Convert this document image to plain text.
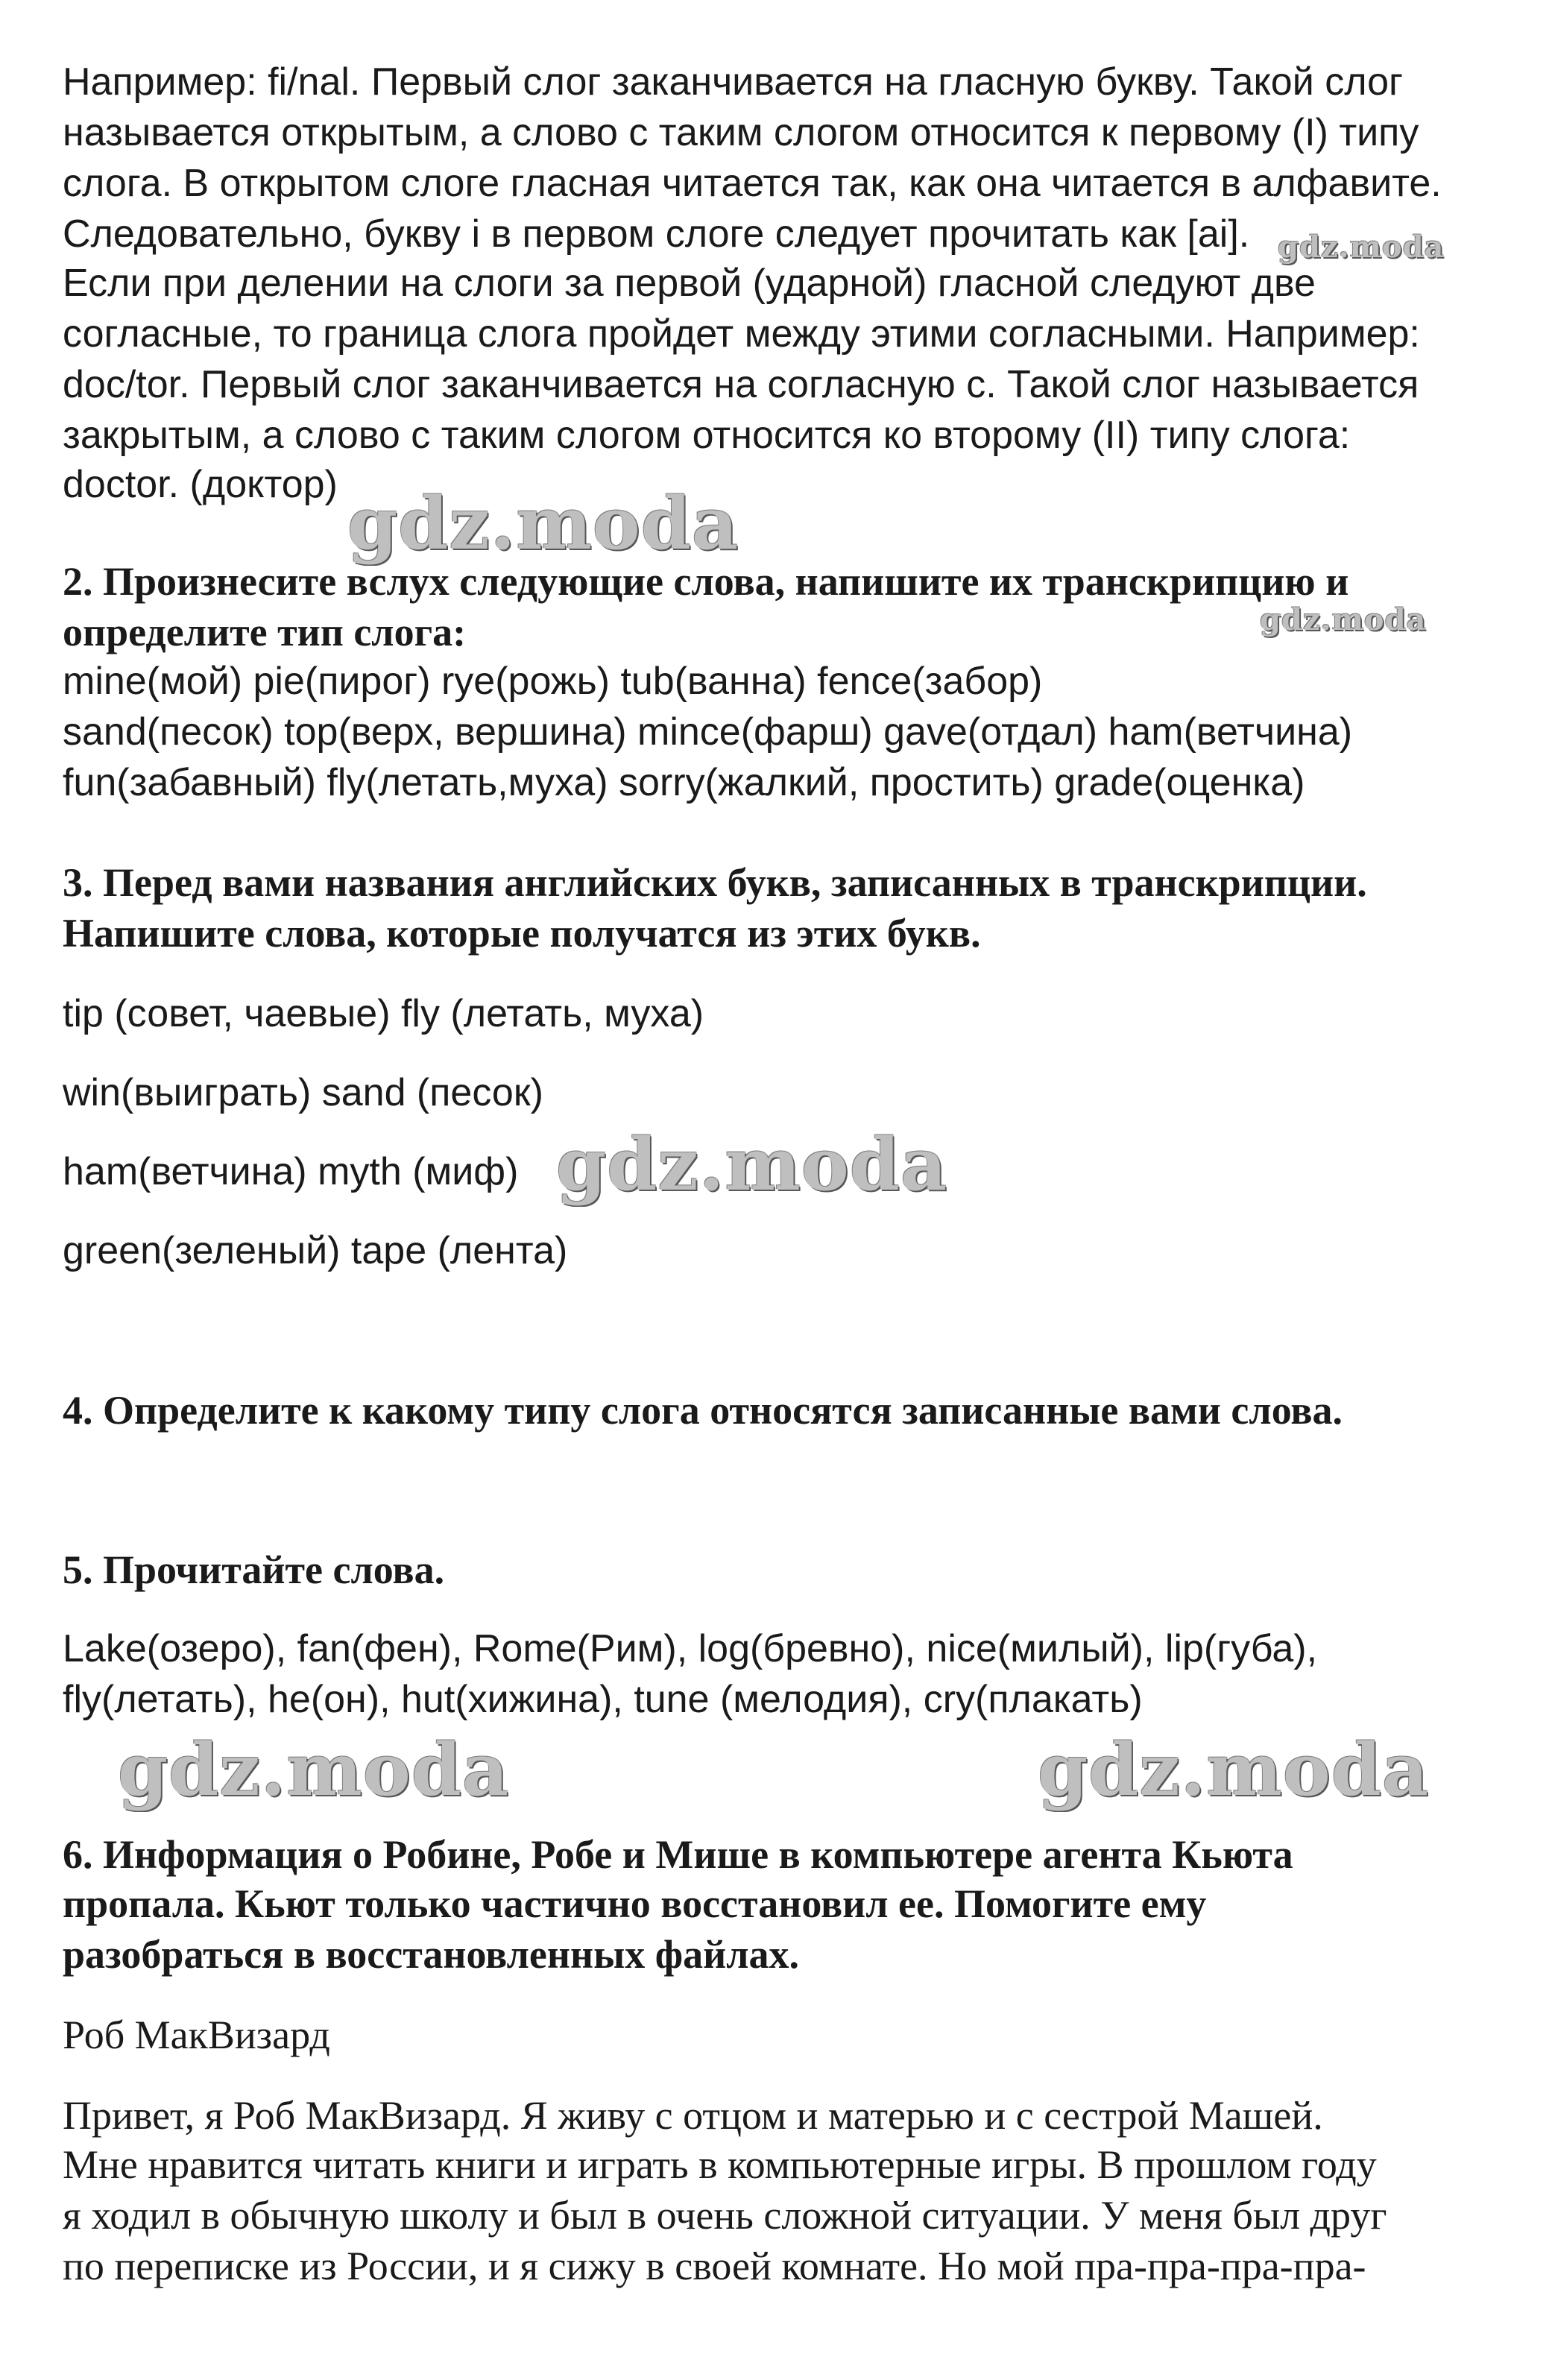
Например: fi/nal. Первый слог заканчивается на гласную букву. Такой слог
называется открытым, а слово с таким слогом относится к первому (I) типу
слога. В открытом слоге гласная читается так, как она читается в алфавите.
Следовательно, букву i в первом слоге следует прочитать как [ai].
Если при делении на слоги за первой (ударной) гласной следуют две
согласные, то граница слога пройдет между этими согласными. Например:
doc/tor. Первый слог заканчивается на согласную c. Такой слог называется
закрытым, а слово с таким слогом относится ко второму (II) типу слога:
doctor. (доктор)
2. Произнесите вслух следующие слова, напишите их транскрипцию и
определите тип слога:
mine(мой) pie(пирог) rye(рожь) tub(ванна) fence(забор)
sand(песок) top(верх, вершина) mince(фарш) gave(отдал) ham(ветчина)
fun(забавный) fly(летать,муха) sorry(жалкий, простить) grade(оценка)
3. Перед вами названия английских букв, записанных в транскрипции.
Напишите слова, которые получатся из этих букв.
tip (совет, чаевые) fly (летать, муха)
win(выиграть) sand (песок)
ham(ветчина) myth (миф)
green(зеленый) tape (лента)
4. Определите к какому типу слога относятся записанные вами слова.
5. Прочитайте слова.
Lake(озеро), fan(фен), Rome(Рим), log(бревно), nice(милый), lip(губа),
fly(летать), he(он), hut(хижина), tune (мелодия), cry(плакать)
6. Информация о Робине, Робе и Мише в компьютере агента Кьюта
пропала. Кьют только частично восстановил ее. Помогите ему
разобраться в восстановленных файлах.
Роб МакВизард
Привет, я Роб МакВизард. Я живу с отцом и матерью и с сестрой Машей.
Мне нравится читать книги и играть в компьютерные игры. В прошлом году
я ходил в обычную школу и был в очень сложной ситуации. У меня был друг
по переписке из России, и я сижу в своей комнате. Но мой пра-пра-пра-пра-
gdz.moda
gdz.moda
gdz.moda
gdz.moda
gdz.moda	gdz.moda
